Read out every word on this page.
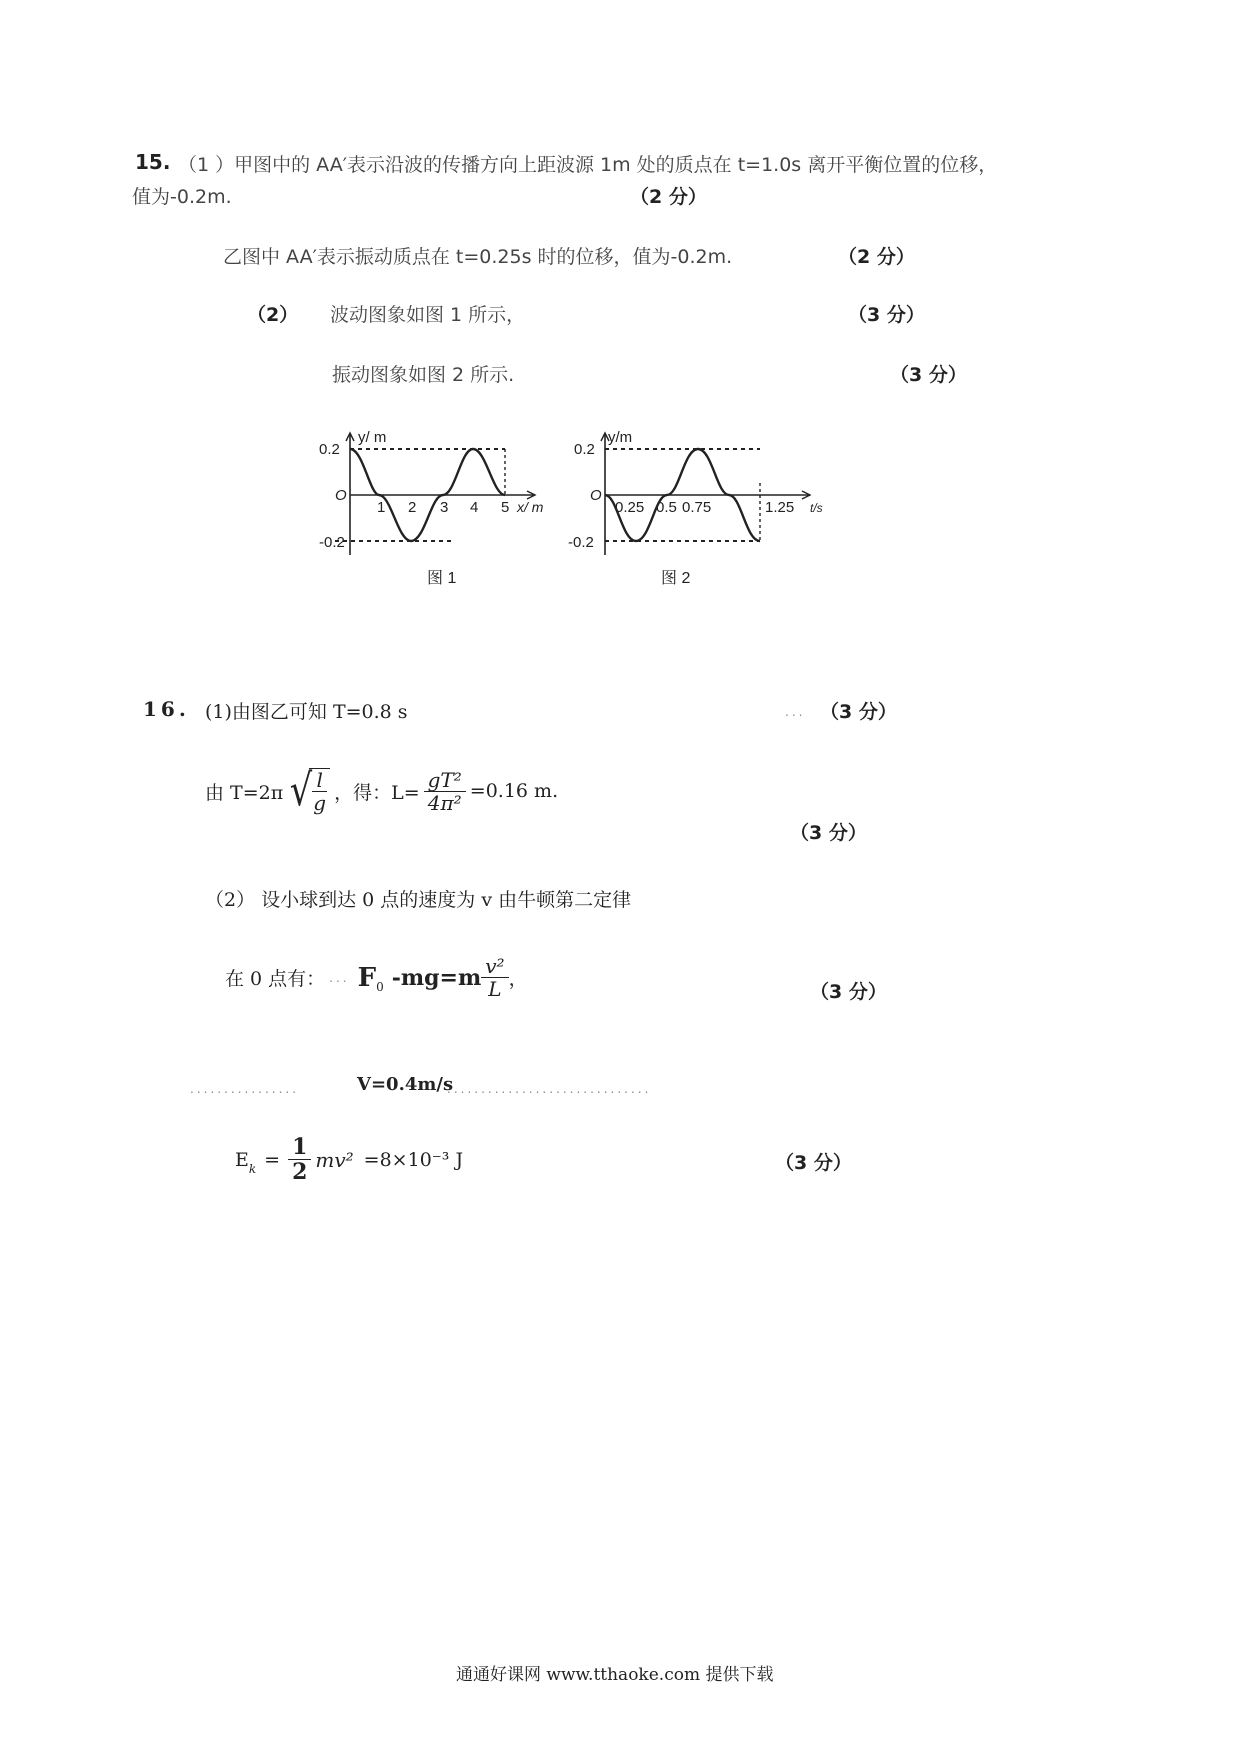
15. （1 ）甲图中的 AA′表示沿波的传播方向上距波源 1m 处的质点在 t=1.0s 离开平衡位置的位移，
值为-0.2m.	（2 分）
乙图中 AA′表示振动质点在 t=0.25s 时的位移，值为-0.2m.	（2 分）
（2） 波动图象如图 1 所示，	（3 分）
振动图象如图 2 所示.	（3 分）
y/ m
0.2
O
-0.2
1 2 3 4 5 x/ m
图 1
y/m
0.2
O
-0.2
0.25 0.5 0.75	1.25 t/s
图 2
16. (1)由图乙可知 T=0.8 s	... （3 分）
由 T=2π √
$\frac{l}{g}$ ，得：$L= \frac{\text{gT²}}{\text{4π²}} =0.16$ m.
（3 分）
（2） 设小球到达 0 点的速度为 v 由牛顿第二定律
在 0 点有： ... F 0 $-mg=m \frac{\text{v²}}{L}$ ，
（3 分）
................	V=0.4m/s
..............................
E $k = \frac{1}{2} mv^2 =8\times 10^{-3}$ J	（3 分）
通通好课网 www.tthaoke.com 提供下载
